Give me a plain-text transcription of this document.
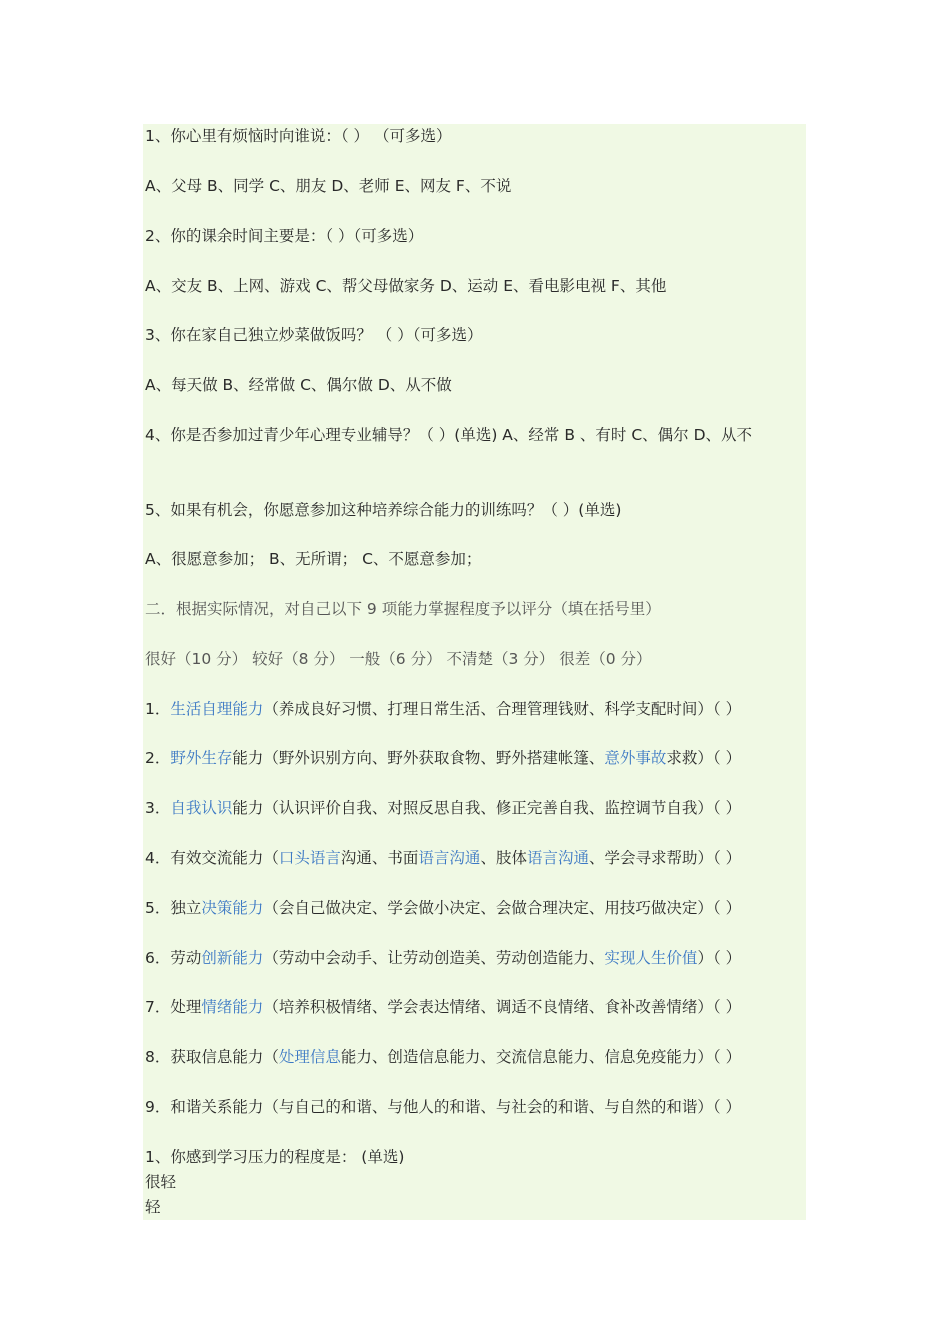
1、你心里有烦恼时向谁说：（ ） （可多选）
A、父母 B、同学 C、朋友 D、老师 E、网友 F、不说
2、你的课余时间主要是：（ ）（可多选）
A、交友 B、上网、游戏 C、帮父母做家务 D、运动 E、看电影电视 F、其他
3、你在家自己独立炒菜做饭吗？ （ ）（可多选）
A、每天做 B、经常做 C、偶尔做 D、从不做
4、你是否参加过青少年心理专业辅导？（ ）(单选) A、经常 B 、有时 C、偶尔 D、从不
5、如果有机会，你愿意参加这种培养综合能力的训练吗？（ ）(单选)
A、很愿意参加； B、无所谓； C、不愿意参加；
二．根据实际情况，对自己以下 9 项能力掌握程度予以评分（填在括号里）
很好（10 分） 较好（8 分） 一般（6 分） 不清楚（3 分） 很差（0 分）
1．生活自理能力（养成良好习惯、打理日常生活、合理管理钱财、科学支配时间）（ ）
2．野外生存能力（野外识别方向、野外获取食物、野外搭建帐篷、意外事故求救）（ ）
3．自我认识能力（认识评价自我、对照反思自我、修正完善自我、监控调节自我）（ ）
4．有效交流能力（口头语言沟通、书面语言沟通、肢体语言沟通、学会寻求帮助）（ ）
5．独立决策能力（会自己做决定、学会做小决定、会做合理决定、用技巧做决定）（ ）
6．劳动创新能力（劳动中会动手、让劳动创造美、劳动创造能力、实现人生价值）（ ）
7．处理情绪能力（培养积极情绪、学会表达情绪、调适不良情绪、食补改善情绪）（ ）
8．获取信息能力（处理信息能力、创造信息能力、交流信息能力、信息免疫能力）（ ）
9．和谐关系能力（与自己的和谐、与他人的和谐、与社会的和谐、与自然的和谐）（ ）
1、你感到学习压力的程度是： (单选)
很轻
轻
